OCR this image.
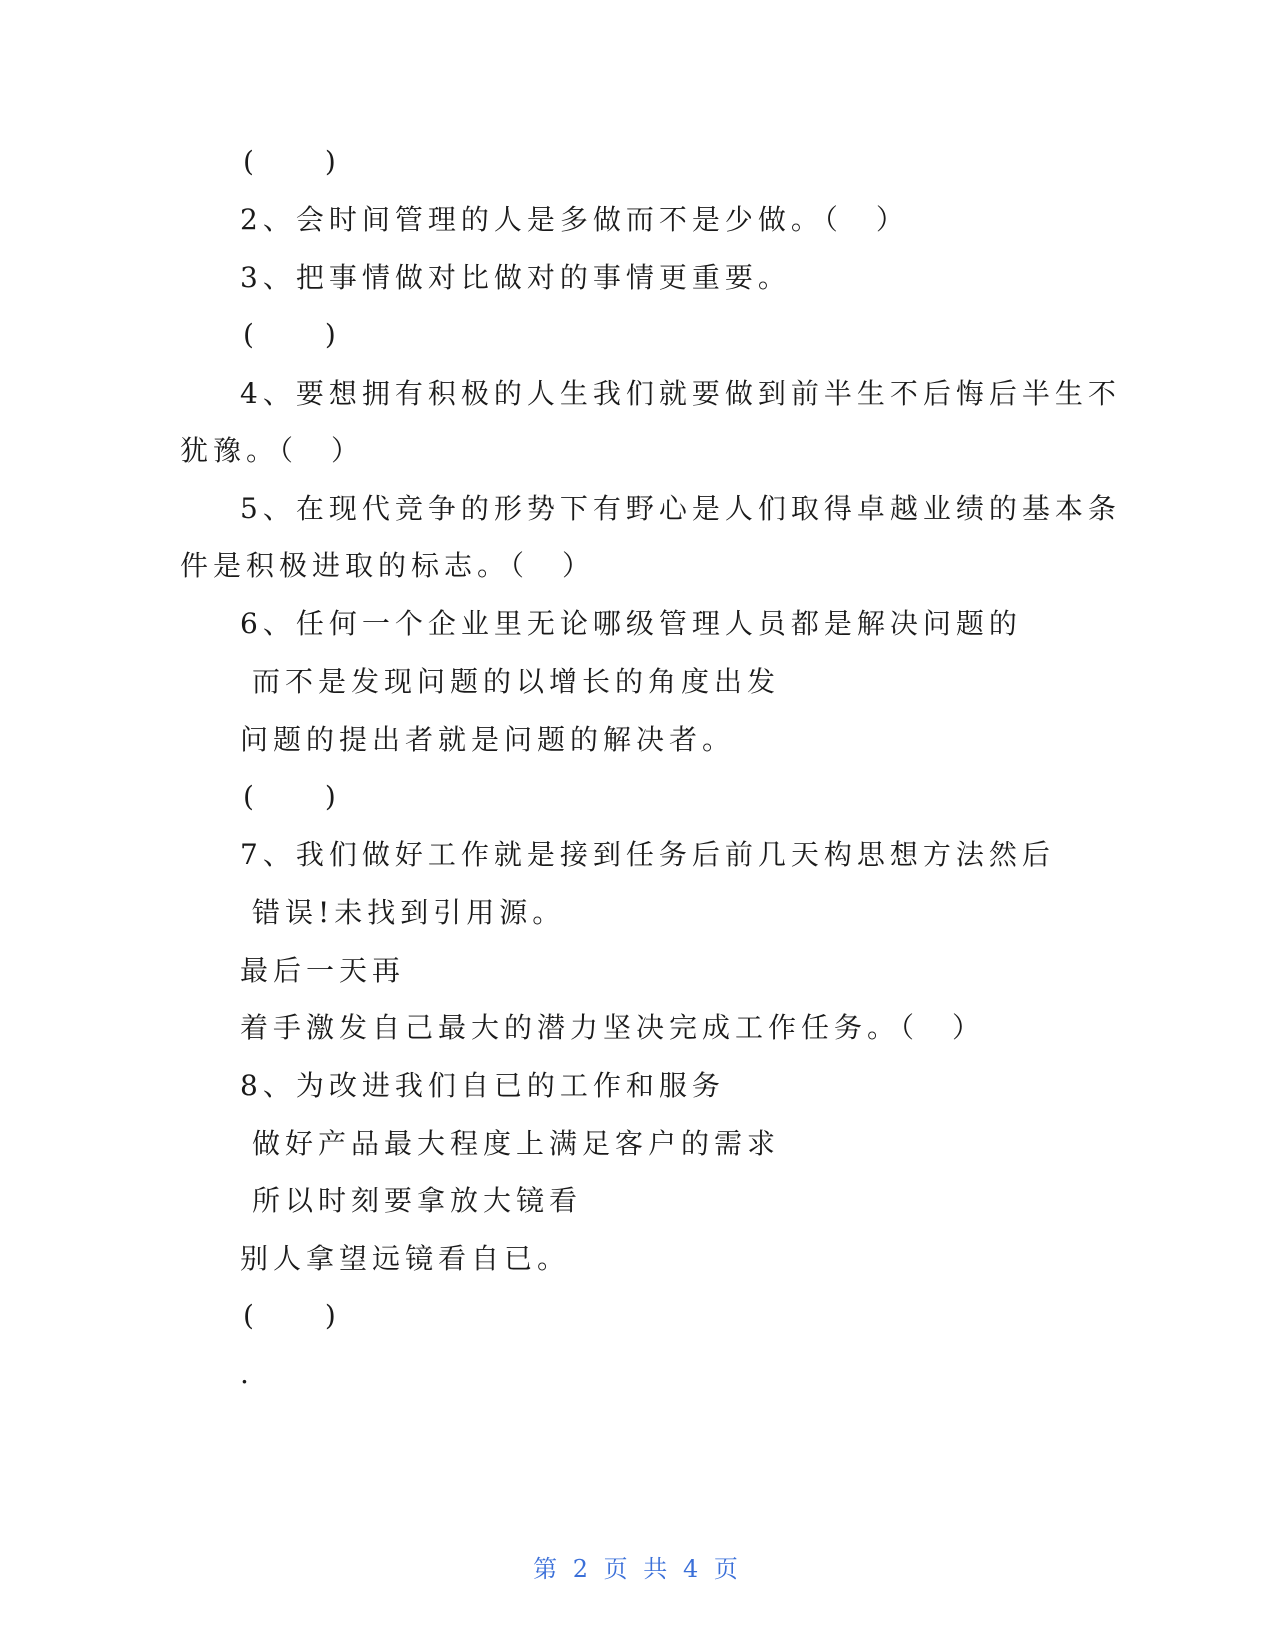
(　　)
2、会时间管理的人是多做而不是少做。（　）
3、把事情做对比做对的事情更重要。
(　　)
4、要想拥有积极的人生我们就要做到前半生不后悔后半生不
犹豫。（　）
5、在现代竞争的形势下有野心是人们取得卓越业绩的基本条
件是积极进取的标志。（　）
6、任何一个企业里无论哪级管理人员都是解决问题的
而不是发现问题的以增长的角度出发
问题的提出者就是问题的解决者。
(　　)
7、我们做好工作就是接到任务后前几天构思想方法然后
错误!未找到引用源。
最后一天再
着手激发自己最大的潜力坚决完成工作任务。（　）
8、为改进我们自已的工作和服务
做好产品最大程度上满足客户的需求
所以时刻要拿放大镜看
别人拿望远镜看自已。
(　　)
.
第 2 页 共 4 页
